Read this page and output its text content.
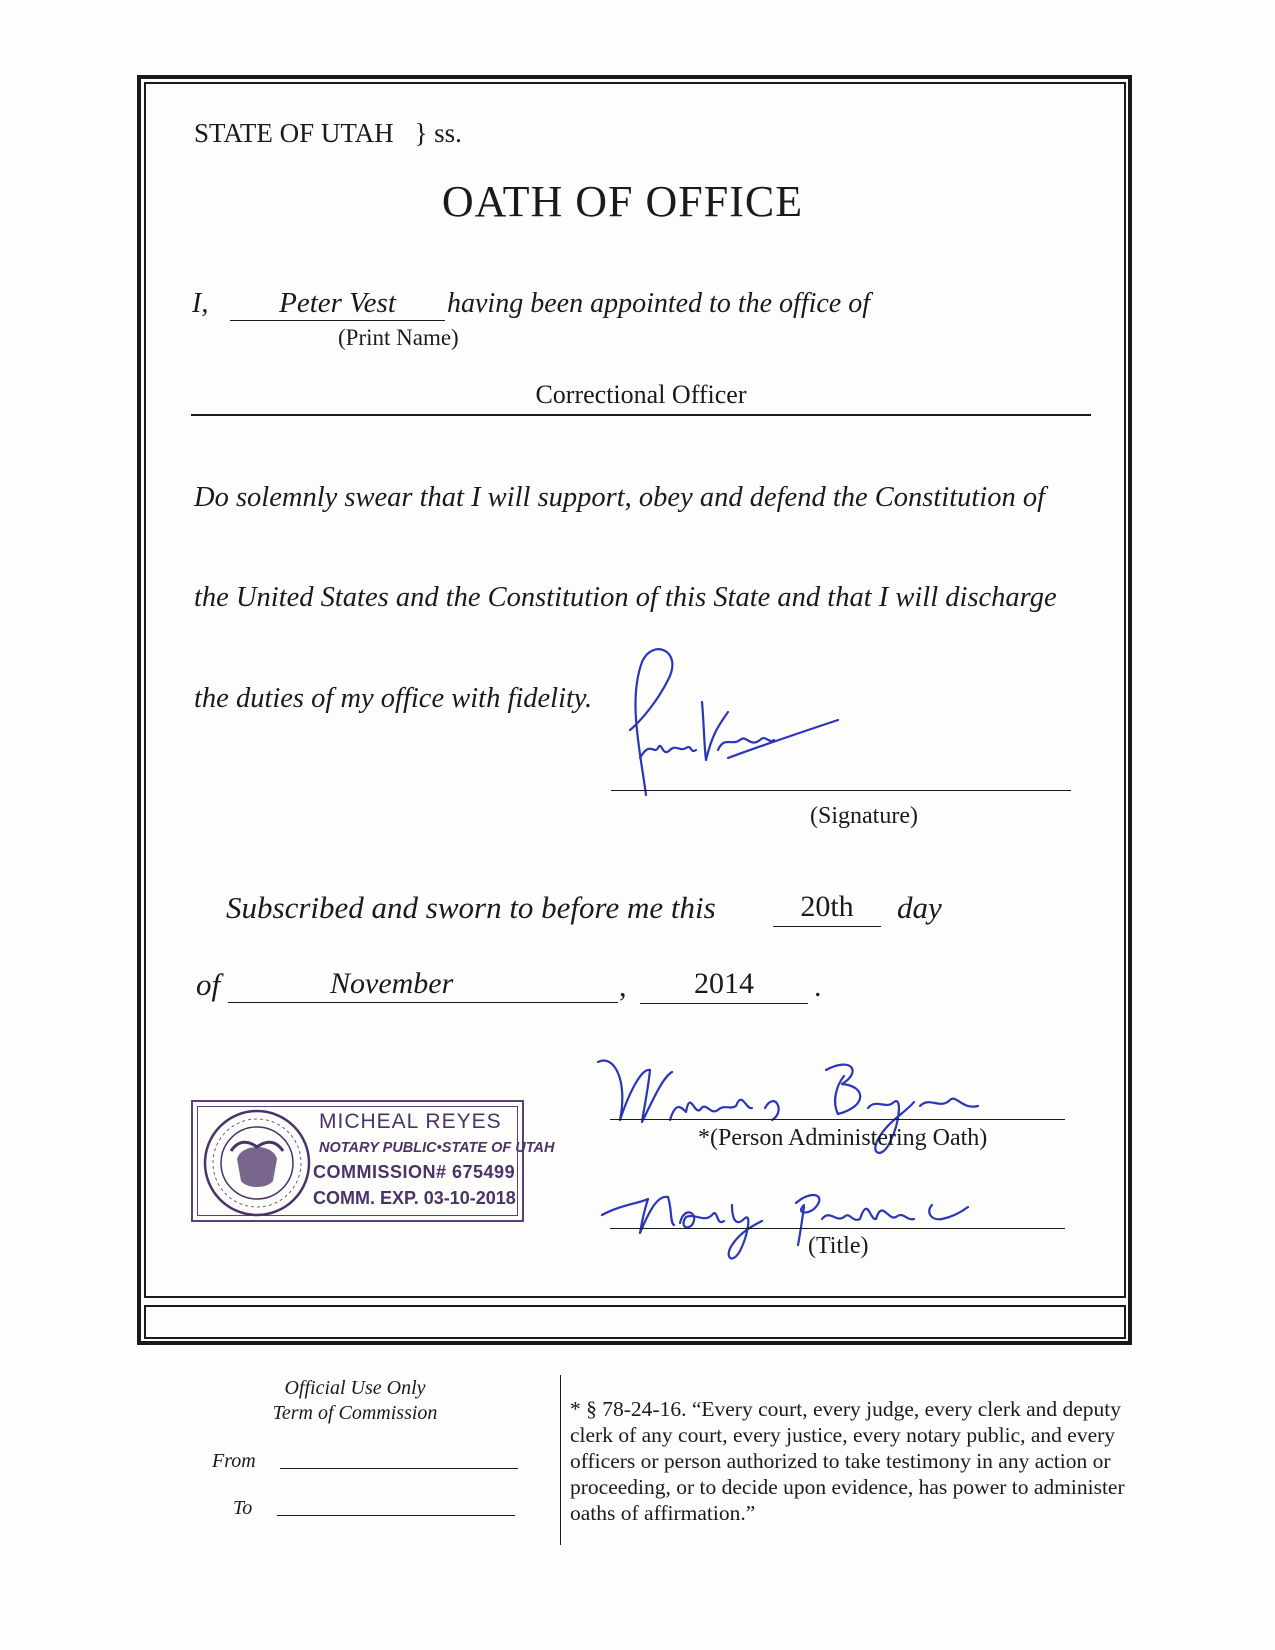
STATE OF UTAH } ss.
OATH OF OFFICE
I,	Peter Vest	having been appointed to the office of
(Print Name)
Correctional Officer
Do solemnly swear that I will support, obey and defend the Constitution of
the United States and the Constitution of this State and that I will discharge
the duties of my office with fidelity.
(Signature)
Subscribed and sworn to before me this	20th	day
of	November	,	2014	.
*(Person Administering Oath)
(Title)
MICHEAL REYES
NOTARY PUBLIC•STATE OF UTAH
COMMISSION# 675499
COMM. EXP. 03-10-2018
Official Use Only
Term of Commission
From
To
* § 78-24-16. “Every court, every judge, every clerk and deputy clerk of any court, every justice, every notary public, and every officers or person authorized to take testimony in any action or proceeding, or to decide upon evidence, has power to administer oaths of affirmation.”
